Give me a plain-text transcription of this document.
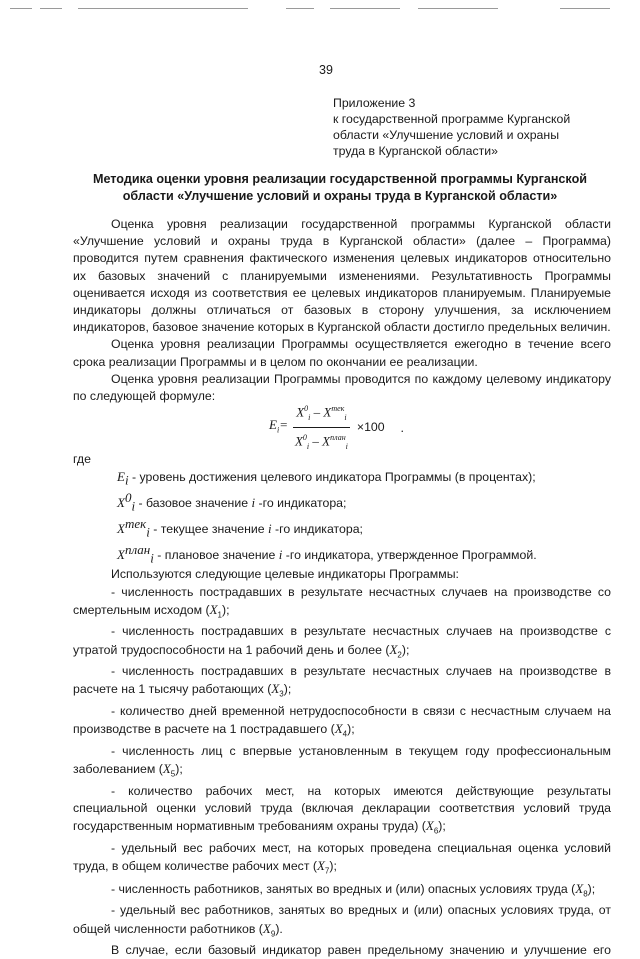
39
Приложение 3
к государственной программе Курганской
области «Улучшение условий и охраны
труда в Курганской области»
Методика оценки уровня реализации государственной программы Курганской
области «Улучшение условий и охраны труда в Курганской области»

Оценка уровня реализации государственной программы Курганской области «Улучшение условий и охраны труда в Курганской области» (далее – Программа) проводится путем сравнения фактического изменения целевых индикаторов относительно их базовых значений с планируемыми изменениями. Результативность Программы оценивается исходя из соответствия ее целевых индикаторов планируемым. Планируемые индикаторы должны отличаться от базовых в сторону улучшения, за исключением индикаторов, базовое значение которых в Курганской области достигло предельных величин.

Оценка уровня реализации Программы осуществляется ежегодно в течение всего срока реализации Программы и в целом по окончании ее реализации.

Оценка уровня реализации Программы проводится по каждому целевому индикатору по следующей формуле:

$E_i= \frac{X^0_i - X^{тек}_i}{X^0_i - X^{план}_i} \times 100$ .

где

$E_i$ - уровень достижения целевого индикатора Программы (в процентах);

$X^0_i$ - базовое значение i -го индикатора;

$X^{тек}_i$ - текущее значение i -го индикатора;

$X^{план}_i$ - плановое значение i -го индикатора, утвержденное Программой.

Используются следующие целевые индикаторы Программы:

- численность пострадавших в результате несчастных случаев на производстве со смертельным исходом $(X_1)$;

- численность пострадавших в результате несчастных случаев на производстве с утратой трудоспособности на 1 рабочий день и более $(X_2)$;

- численность пострадавших в результате несчастных случаев на производстве в расчете на 1 тысячу работающих $(X_3)$;

- количество дней временной нетрудоспособности в связи с несчастным случаем на производстве в расчете на 1 пострадавшего $(X_4)$;

- численность лиц с впервые установленным в текущем году профессиональным заболеванием $(X_5)$;

- количество рабочих мест, на которых имеются действующие результаты специальной оценки условий труда (включая декларации соответствия условий труда государственным нормативным требованиям охраны труда) $(X_6)$;

- удельный вес рабочих мест, на которых проведена специальная оценка условий труда, в общем количестве рабочих мест $(X_7)$;

- численность работников, занятых во вредных и (или) опасных условиях труда $(X_8)$;

- удельный вес работников, занятых во вредных и (или) опасных условиях труда, от общей численности работников $(X_9)$.

В случае, если базовый индикатор равен предельному значению и улучшение его
